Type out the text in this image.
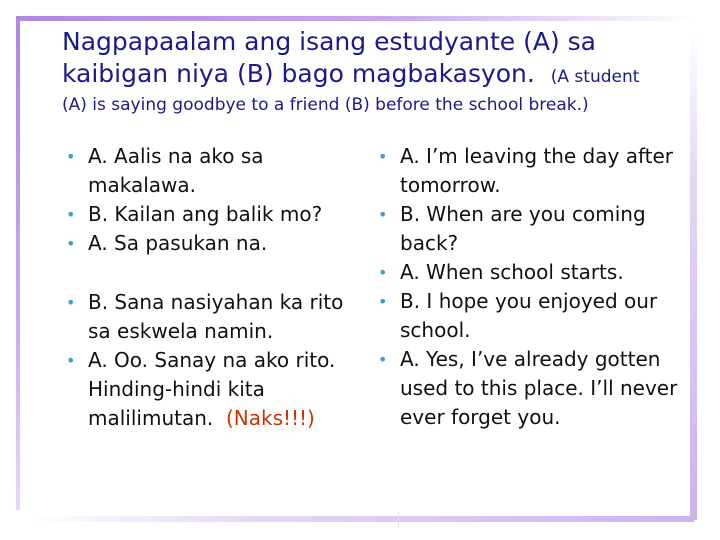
Nagpapaalam ang isang estudyante (A) sa
kaibigan niya (B) bago magbakasyon. (A student
(A) is saying goodbye to a friend (B) before the school break.)
• A. Aalis na ako sa makalawa.
• B. Kailan ang balik mo?
• A. Sa pasukan na.
• B. Sana nasiyahan ka rito sa eskwela namin.
• A. Oo. Sanay na ako rito. Hinding-hindi kita malilimutan. (Naks!!!)
• A. I’m leaving the day after tomorrow.
• B. When are you coming back?
• A. When school starts.
• B. I hope you enjoyed our school.
• A. Yes, I’ve already gotten used to this place. I’ll never ever forget you.
